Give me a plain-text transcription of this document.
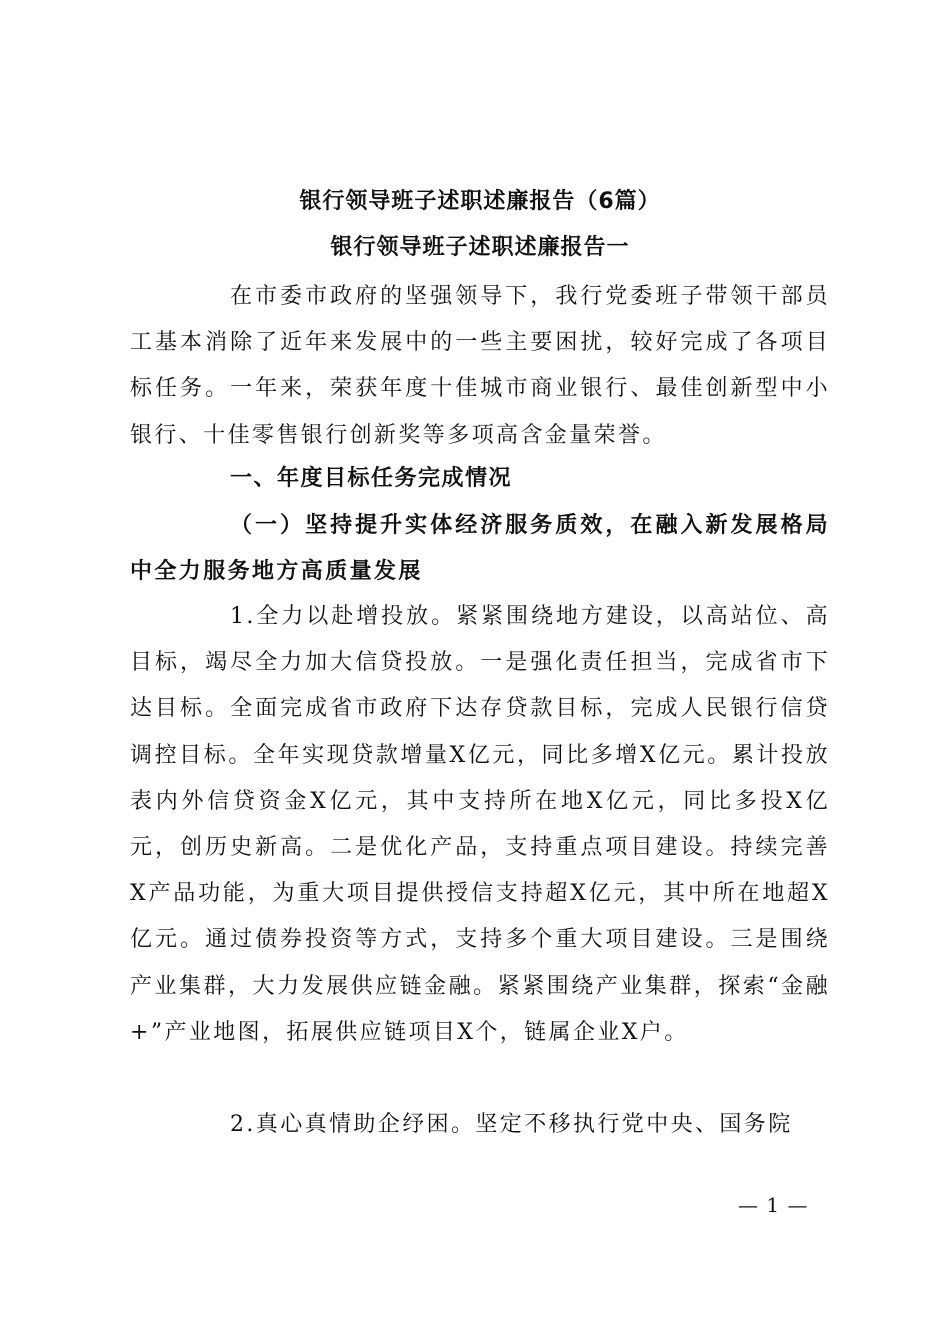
银行领导班子述职述廉报告（6篇）
银行领导班子述职述廉报告一
在市委市政府的坚强领导下，我行党委班子带领干部员工基本消除了近年来发展中的一些主要困扰，较好完成了各项目标任务。一年来，荣获年度十佳城市商业银行、最佳创新型中小银行、十佳零售银行创新奖等多项高含金量荣誉。
一、年度目标任务完成情况
（一）坚持提升实体经济服务质效，在融入新发展格局中全力服务地方高质量发展
1.全力以赴增投放。紧紧围绕地方建设，以高站位、高目标，竭尽全力加大信贷投放。一是强化责任担当，完成省市下达目标。全面完成省市政府下达存贷款目标，完成人民银行信贷调控目标。全年实现贷款增量X亿元，同比多增X亿元。累计投放表内外信贷资金X亿元，其中支持所在地X亿元，同比多投X亿元，创历史新高。二是优化产品，支持重点项目建设。持续完善X产品功能，为重大项目提供授信支持超X亿元，其中所在地超X亿元。通过债券投资等方式，支持多个重大项目建设。三是围绕产业集群，大力发展供应链金融。紧紧围绕产业集群，探索“金融+”产业地图，拓展供应链项目X个，链属企业X户。
2.真心真情助企纾困。坚定不移执行党中央、国务院
— 1 —
